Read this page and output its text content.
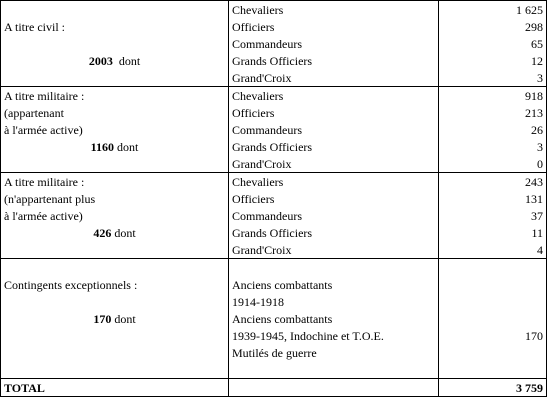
	Chevaliers	1 625
A titre civil :	Officiers	298
	Commandeurs	65
2003 dont	Grands Officiers	12
	Grand'Croix	3
A titre militaire :	Chevaliers	918
(appartenant	Officiers	213
à l'armée active)	Commandeurs	26
1160 dont	Grands Officiers	3
	Grand'Croix	0
A titre militaire :	Chevaliers	243
(n'appartenant plus	Officiers	131
à l'armée active)	Commandeurs	37
426 dont	Grands Officiers	11
	Grand'Croix	4

Contingents exceptionnels :	Anciens combattants	
	1914-1918	
170 dont	Anciens combattants	
	1939-1945, Indochine et T.O.E.	170
	Mutilés de guerre	

TOTAL		3 759
